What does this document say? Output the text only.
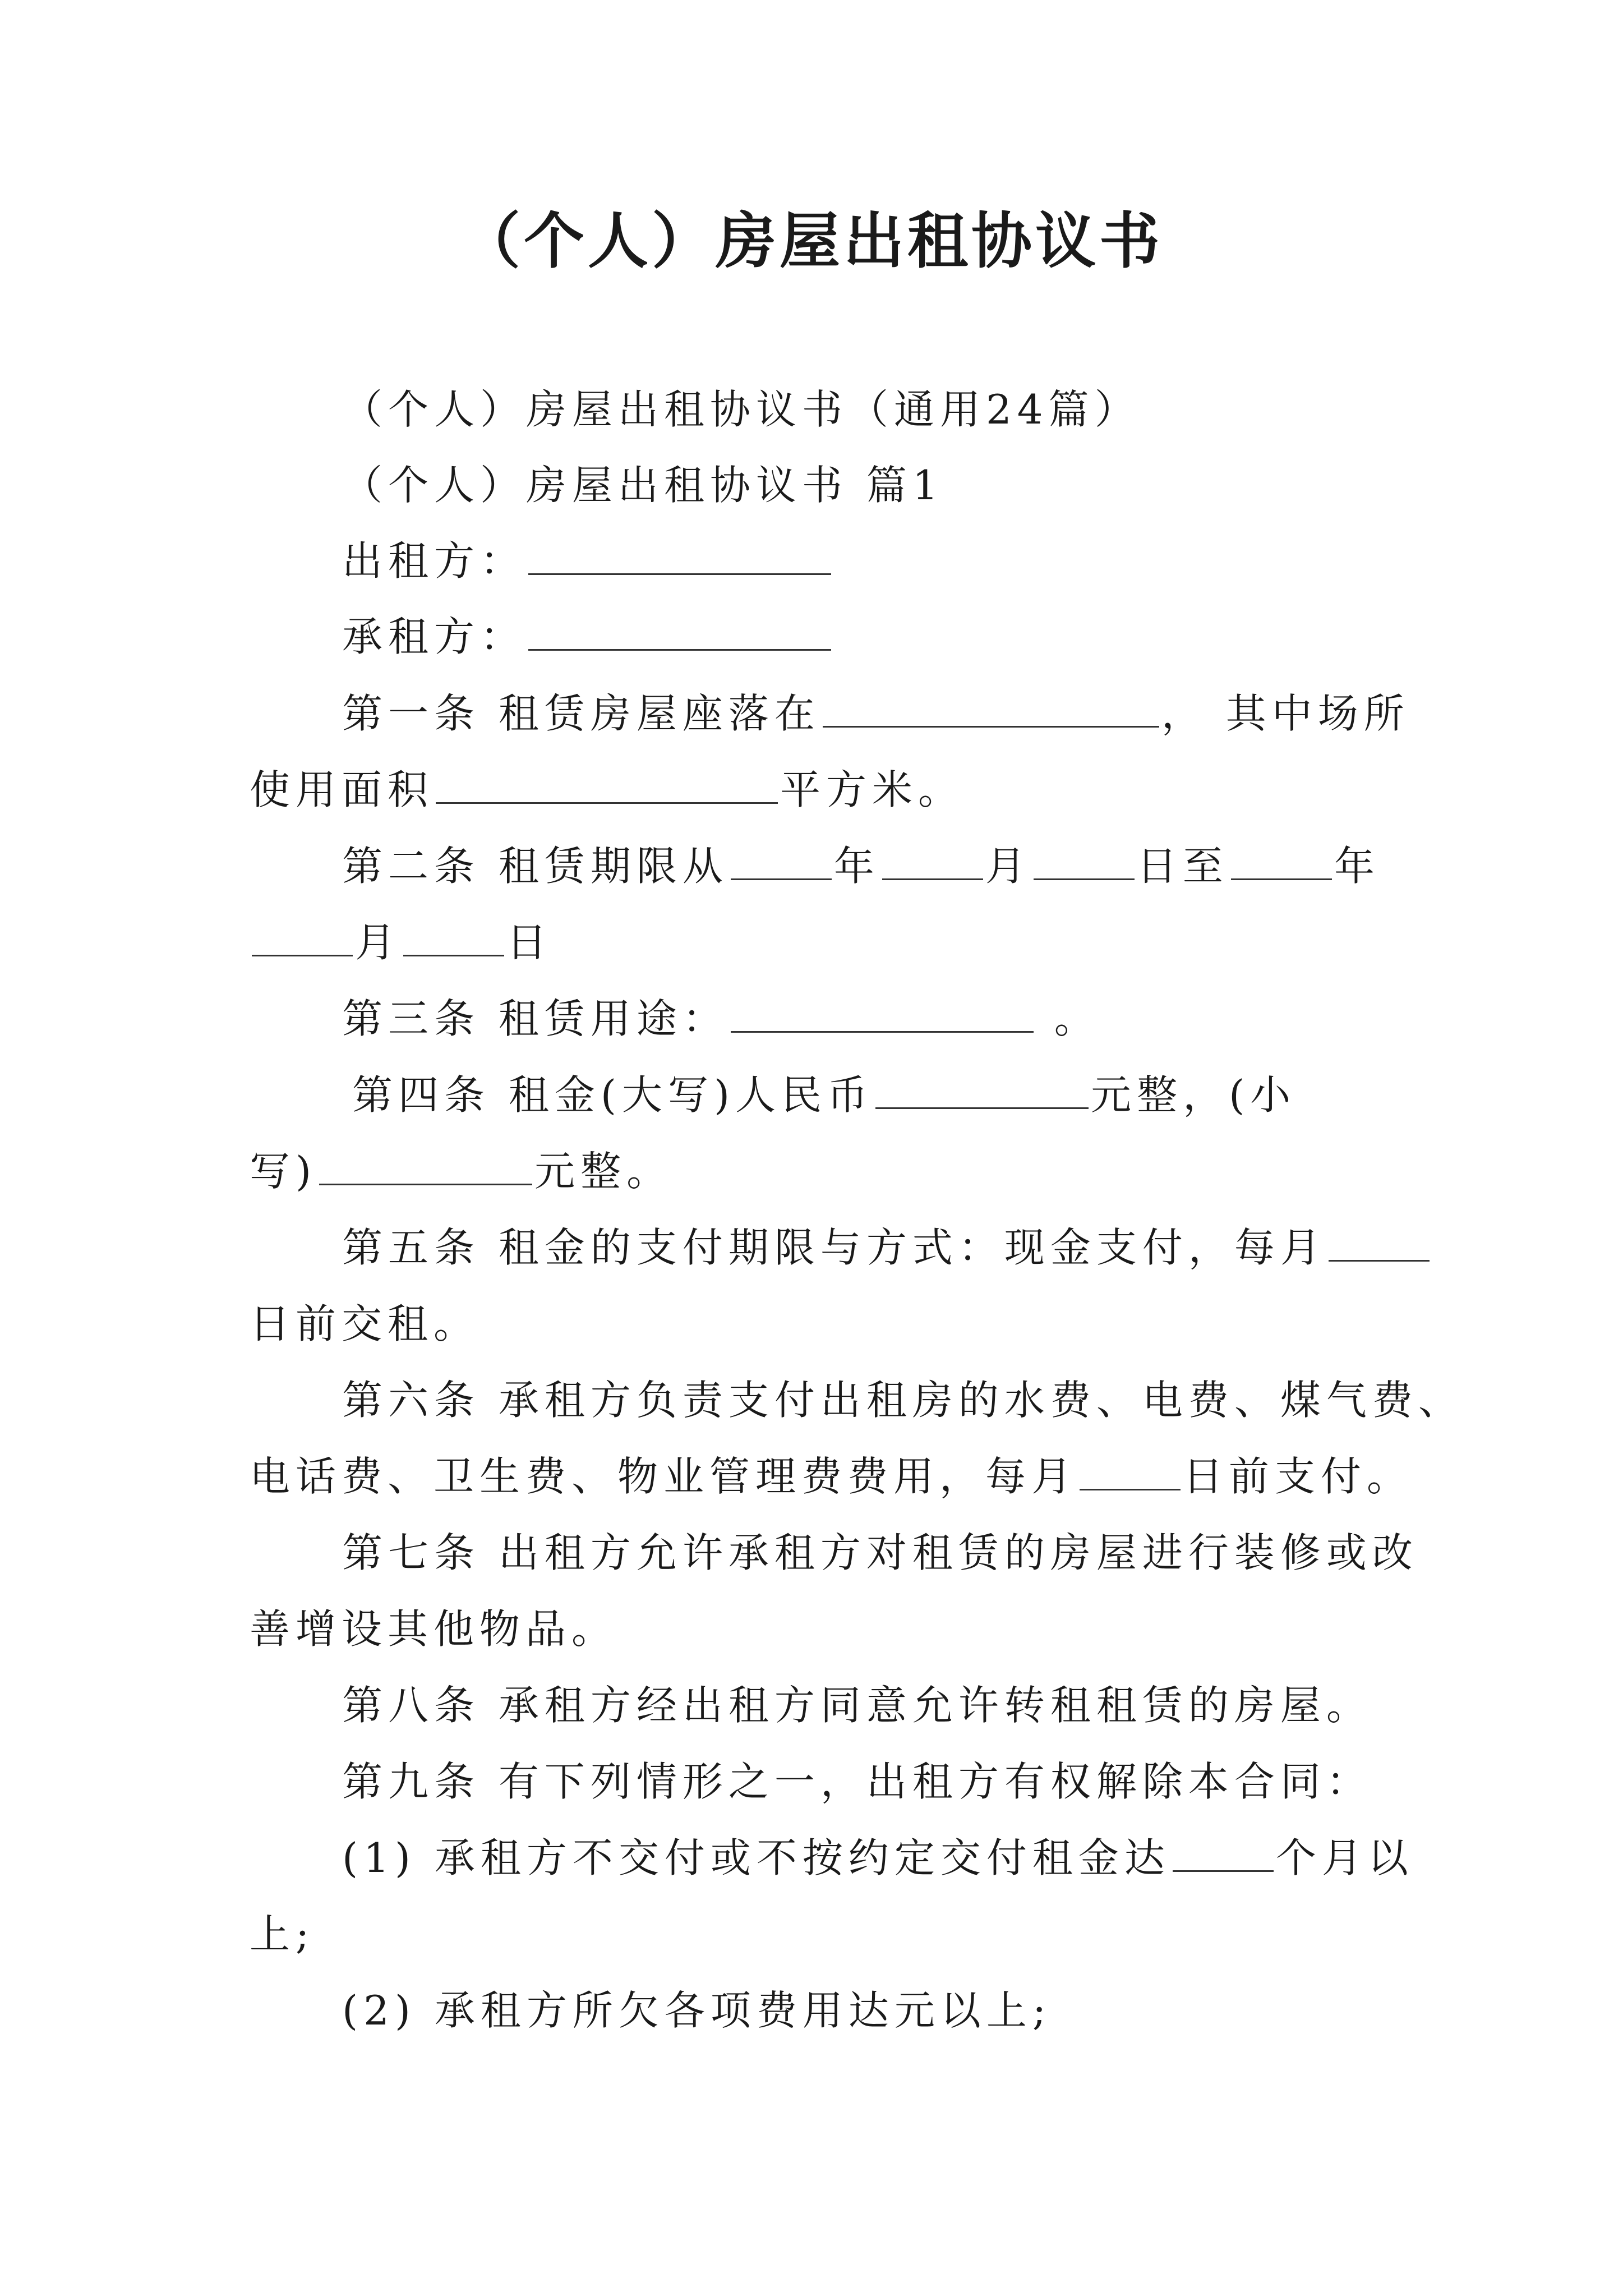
（个人）房屋出租协议书
（个人）房屋出租协议书（通用24篇）
（个人）房屋出租协议书 篇1
出租方：
承租方：
第一条 租赁房屋座落在	， 其中场所
使用面积	平方米。
第二条 租赁期限从	年	月	日至	年
月	日
第三条 租赁用途：	。
第四条 租金(大写)人民币	元整，(小
写)	元整。
第五条 租金的支付期限与方式：现金支付，每月
日前交租。
第六条 承租方负责支付出租房的水费、电费、煤气费、
电话费、卫生费、物业管理费费用，每月	日前支付。
第七条 出租方允许承租方对租赁的房屋进行装修或改
善增设其他物品。
第八条 承租方经出租方同意允许转租租赁的房屋。
第九条 有下列情形之一，出租方有权解除本合同：
(1) 承租方不交付或不按约定交付租金达	个月以
上;
(2) 承租方所欠各项费用达元以上;
